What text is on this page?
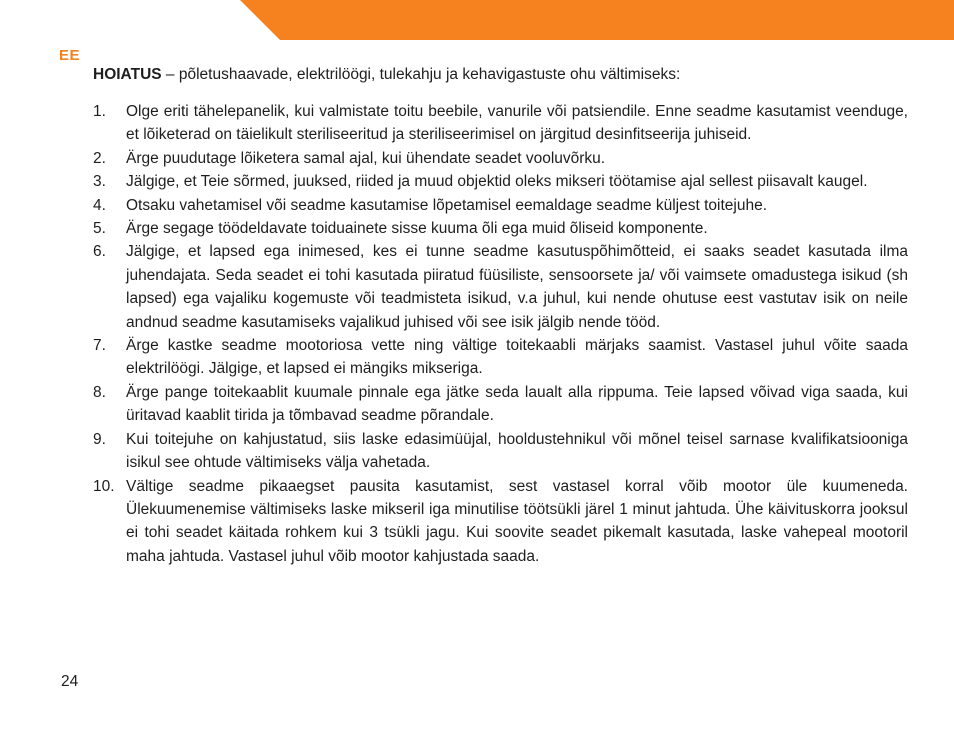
EE
HOIATUS – põletushaavade, elektrilöögi, tulekahju ja kehavigastuste ohu vältimiseks:
1. Olge eriti tähelepanelik, kui valmistate toitu beebile, vanurile või patsiendile. Enne seadme kasutamist veenduge, et lõiketerad on täielikult steriliseeritud ja steriliseerimisel on järgitud desinfitseerija juhiseid.
2. Ärge puudutage lõiketera samal ajal, kui ühendate seadet vooluvõrku.
3. Jälgige, et Teie sõrmed, juuksed, riided ja muud objektid oleks mikseri töötamise ajal sellest piisavalt kaugel.
4. Otsaku vahetamisel või seadme kasutamise lõpetamisel eemaldage seadme küljest toitejuhe.
5. Ärge segage töödeldavate toiduainete sisse kuuma õli ega muid õliseid komponente.
6. Jälgige, et lapsed ega inimesed, kes ei tunne seadme kasutuspõhimõtteid, ei saaks seadet kasutada ilma juhendajata. Seda seadet ei tohi kasutada piiratud füüsiliste, sensoorsete ja/ või vaimsete omadustega isikud (sh lapsed) ega vajaliku kogemuste või teadmisteta isikud, v.a juhul, kui nende ohutuse eest vastutav isik on neile andnud seadme kasutamiseks vajalikud juhised või see isik jälgib nende tööd.
7. Ärge kastke seadme mootoriosa vette ning vältige toitekaabli märjaks saamist. Vastasel juhul võite saada elektrilöögi. Jälgige, et lapsed ei mängiks mikseriga.
8. Ärge pange toitekaablit kuumale pinnale ega jätke seda laualt alla rippuma. Teie lapsed võivad viga saada, kui üritavad kaablit tirida ja tõmbavad seadme põrandale.
9. Kui toitejuhe on kahjustatud, siis laske edasimüüjal, hooldustehnikul või mõnel teisel sarnase kvalifikatsiooniga isikul see ohtude vältimiseks välja vahetada.
10. Vältige seadme pikaaegset pausita kasutamist, sest vastasel korral võib mootor üle kuumeneda. Ülekuumenemise vältimiseks laske mikseril iga minutilise töötsükli järel 1 minut jahtuda. Ühe käivituskorra jooksul ei tohi seadet käitada rohkem kui 3 tsükli jagu. Kui soovite seadet pikemalt kasutada, laske vahepeal mootoril maha jahtuda. Vastasel juhul võib mootor kahjustada saada.
24
